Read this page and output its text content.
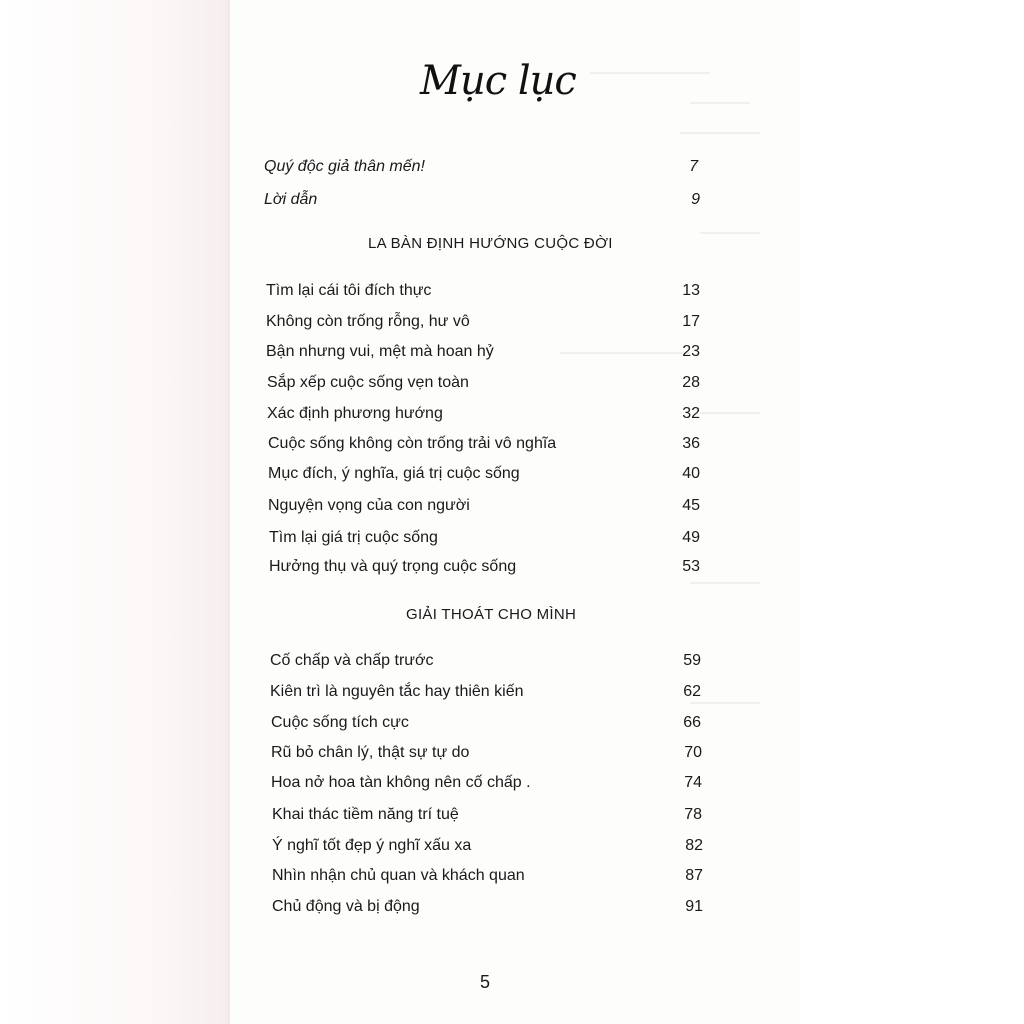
Mục lục
Quý độc giả thân mến!	7
Lời dẫn	9
LA BÀN ĐỊNH HƯỚNG CUỘC ĐỜI
Tìm lại cái tôi đích thực	13
Không còn trống rỗng, hư vô	17
Bận nhưng vui, mệt mà hoan hỷ	23
Sắp xếp cuộc sống vẹn toàn	28
Xác định phương hướng	32
Cuộc sống không còn trống trải vô nghĩa	36
Mục đích, ý nghĩa, giá trị cuộc sống	40
Nguyện vọng của con người	45
Tìm lại giá trị cuộc sống	49
Hưởng thụ và quý trọng cuộc sống	53
GIẢI THOÁT CHO MÌNH
Cố chấp và chấp trước	59
Kiên trì là nguyên tắc hay thiên kiến	62
Cuộc sống tích cực	66
Rũ bỏ chân lý, thật sự tự do	70
Hoa nở hoa tàn không nên cố chấp .	74
Khai thác tiềm năng trí tuệ	78
Ý nghĩ tốt đẹp ý nghĩ xấu xa	82
Nhìn nhận chủ quan và khách quan	87
Chủ động và bị động	91
5
